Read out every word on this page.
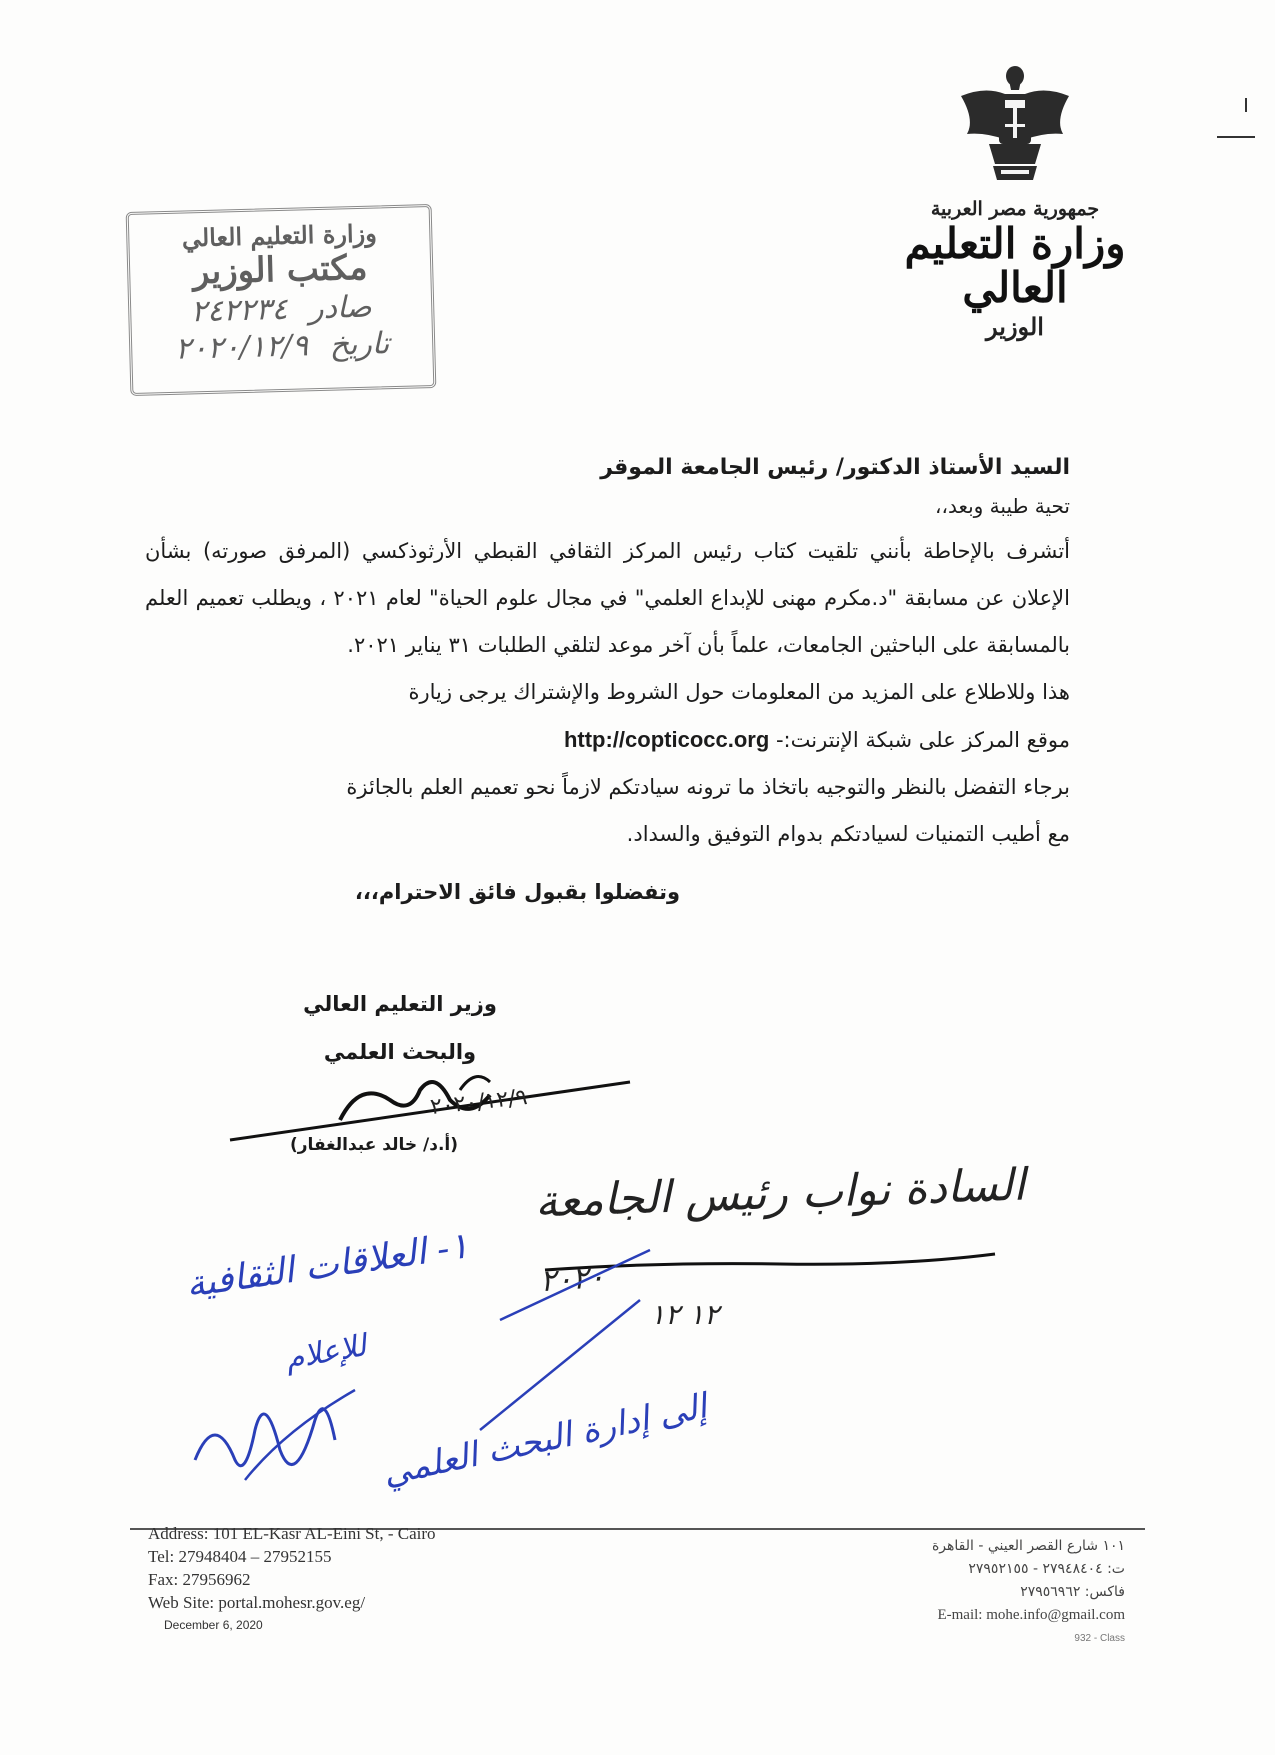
جمهورية مصر العربية
وزارة التعليم العالي
الوزير
وزارة التعليم العالي
مكتب الوزير
صادر ٢٤٢٢٣٤
تاريخ ٢٠٢٠/١٢/٩

السيد الأستاذ الدكتور/ رئيس الجامعة الموقر

تحية طيبة وبعد،،

أتشرف بالإحاطة بأنني تلقيت كتاب رئيس المركز الثقافي القبطي الأرثوذكسي (المرفق صورته) بشأن الإعلان عن مسابقة "د.مكرم مهنى للإبداع العلمي" في مجال علوم الحياة" لعام ٢٠٢١ ، ويطلب تعميم العلم بالمسابقة على الباحثين الجامعات، علماً بأن آخر موعد لتلقي الطلبات ٣١ يناير ٢٠٢١.

هذا وللاطلاع على المزيد من المعلومات حول الشروط والإشتراك يرجى زيارة

موقع المركز على شبكة الإنترنت:- http://copticocc.org

برجاء التفضل بالنظر والتوجيه باتخاذ ما ترونه سيادتكم لازماً نحو تعميم العلم بالجائزة

مع أطيب التمنيات لسيادتكم بدوام التوفيق والسداد.

وتفضلوا بقبول فائق الاحترام،،،

وزير التعليم العالي
والبحث العلمي
٢٠٢٠/١٢/٩
(أ.د/ خالد عبدالغفار)
السادة نواب رئيس الجامعة
٢٠٢٠
١٢ ١٢
١- العلاقات الثقافية
للإعلام
إلى إدارة البحث العلمي
Address: 101 EL-Kasr AL-Eini St, - Cairo
Tel: 27948404 – 27952155
Fax: 27956962
Web Site: portal.mohesr.gov.eg/
December 6, 2020
١٠١ شارع القصر العيني - القاهرة
ت: ٢٧٩٤٨٤٠٤ - ٢٧٩٥٢١٥٥
فاكس: ٢٧٩٥٦٩٦٢
E-mail: mohe.info@gmail.com
932 - Class
